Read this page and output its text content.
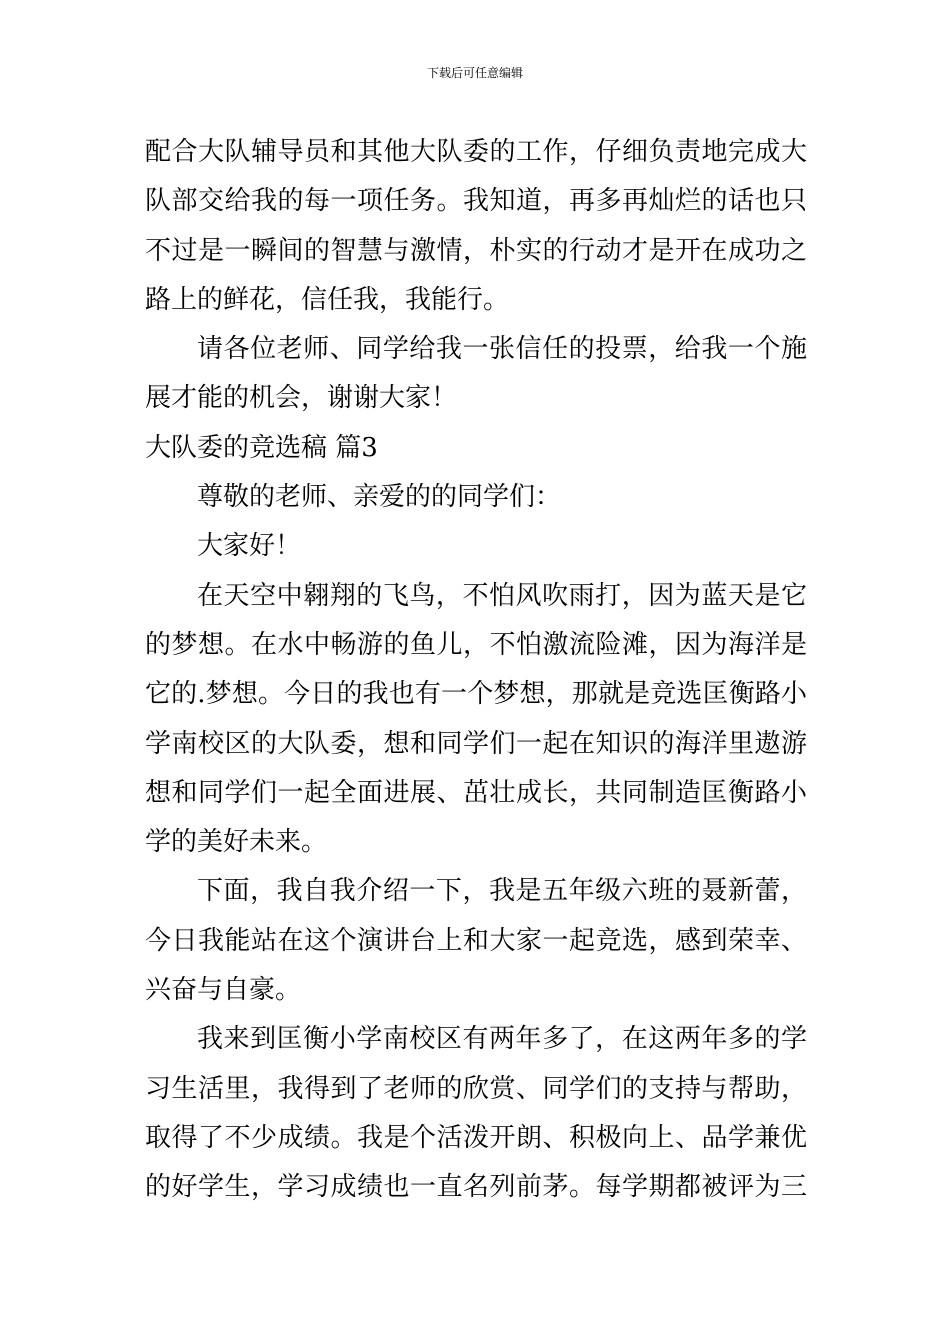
下载后可任意编辑
配合大队辅导员和其他大队委的工作，仔细负责地完成大
队部交给我的每一项任务。我知道，再多再灿烂的话也只
不过是一瞬间的智慧与激情，朴实的行动才是开在成功之
路上的鲜花，信任我，我能行。
请各位老师、同学给我一张信任的投票，给我一个施
展才能的机会，谢谢大家！
大队委的竞选稿 篇3
尊敬的老师、亲爱的的同学们：
大家好！
在天空中翱翔的飞鸟，不怕风吹雨打，因为蓝天是它
的梦想。在水中畅游的鱼儿，不怕激流险滩，因为海洋是
它的.梦想。今日的我也有一个梦想，那就是竞选匡衡路小
学南校区的大队委，想和同学们一起在知识的海洋里遨游
想和同学们一起全面进展、茁壮成长，共同制造匡衡路小
学的美好未来。
下面，我自我介绍一下，我是五年级六班的聂新蕾，
今日我能站在这个演讲台上和大家一起竞选，感到荣幸、
兴奋与自豪。
我来到匡衡小学南校区有两年多了，在这两年多的学
习生活里，我得到了老师的欣赏、同学们的支持与帮助，
取得了不少成绩。我是个活泼开朗、积极向上、品学兼优
的好学生，学习成绩也一直名列前茅。每学期都被评为三
